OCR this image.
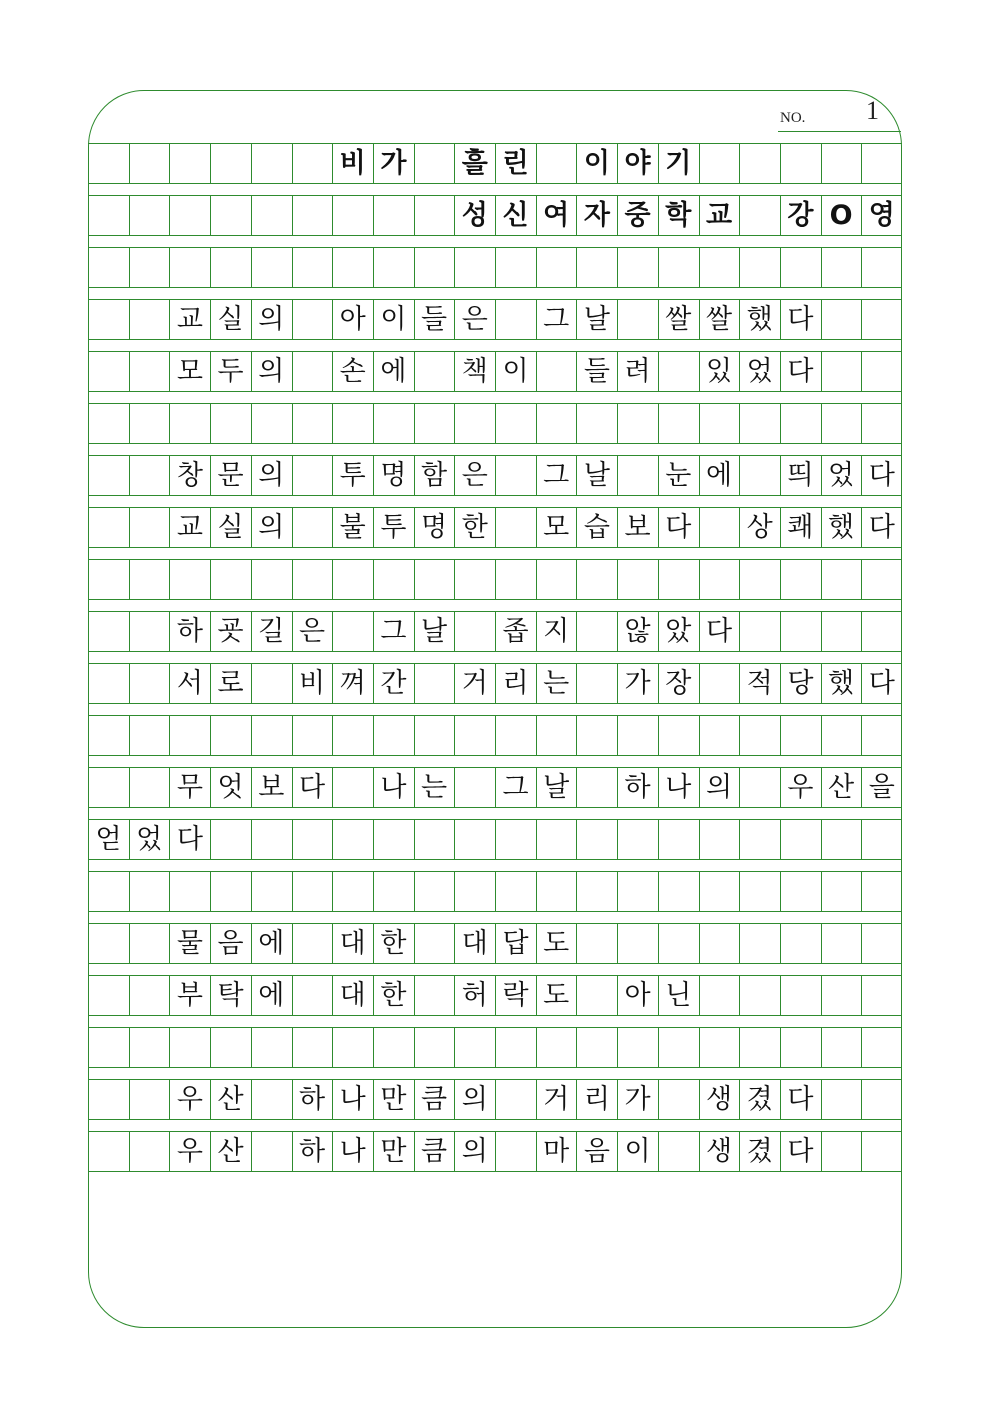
NO. 1
비 가 흘 린 이 야 기
성 신 여 자 중 학 교 강 O 영
교 실 의 아 이 들 은 그 날 쌀 쌀 했 다
모 두 의 손 에 책 이 들 려 있 었 다
창 문 의 투 명 함 은 그 날 눈 에 띄 었 다
교 실 의 불 투 명 한 모 습 보 다 상 쾌 했 다
하 굣 길 은 그 날 좁 지 않 았 다
서 로 비 껴 간 거 리 는 가 장 적 당 했 다
무 엇 보 다 나 는 그 날 하 나 의 우 산 을
얻 었 다
물 음 에 대 한 대 답 도
부 탁 에 대 한 허 락 도 아 닌
우 산 하 나 만 큼 의 거 리 가 생 겼 다
우 산 하 나 만 큼 의 마 음 이 생 겼 다
